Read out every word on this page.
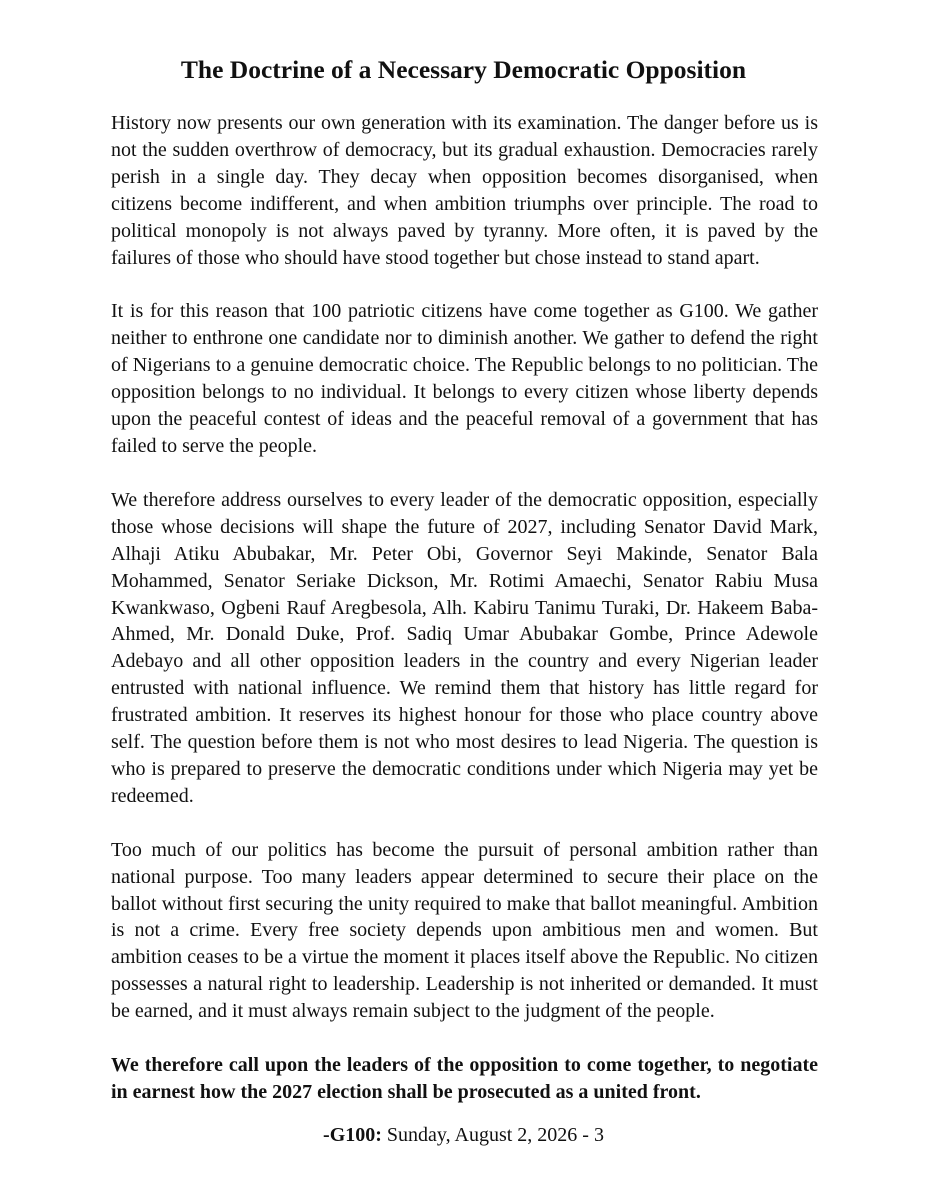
The Doctrine of a Necessary Democratic Opposition

History now presents our own generation with its examination. The danger before us is not the sudden overthrow of democracy, but its gradual exhaustion. Democracies rarely perish in a single day. They decay when opposition becomes disorganised, when citizens become indifferent, and when ambition triumphs over principle. The road to political monopoly is not always paved by tyranny. More often, it is paved by the failures of those who should have stood together but chose instead to stand apart.

It is for this reason that 100 patriotic citizens have come together as G100. We gather neither to enthrone one candidate nor to diminish another. We gather to defend the right of Nigerians to a genuine democratic choice. The Republic belongs to no politician. The opposition belongs to no individual. It belongs to every citizen whose liberty depends upon the peaceful contest of ideas and the peaceful removal of a government that has failed to serve the people.

We therefore address ourselves to every leader of the democratic opposition, especially those whose decisions will shape the future of 2027, including Senator David Mark, Alhaji Atiku Abubakar, Mr. Peter Obi, Governor Seyi Makinde, Senator Bala Mohammed, Senator Seriake Dickson, Mr. Rotimi Amaechi, Senator Rabiu Musa Kwankwaso, Ogbeni Rauf Aregbesola, Alh. Kabiru Tanimu Turaki, Dr. Hakeem Baba-Ahmed, Mr. Donald Duke, Prof. Sadiq Umar Abubakar Gombe, Prince Adewole Adebayo and all other opposition leaders in the country and every Nigerian leader entrusted with national influence. We remind them that history has little regard for frustrated ambition. It reserves its highest honour for those who place country above self. The question before them is not who most desires to lead Nigeria. The question is who is prepared to preserve the democratic conditions under which Nigeria may yet be redeemed.

Too much of our politics has become the pursuit of personal ambition rather than national purpose. Too many leaders appear determined to secure their place on the ballot without first securing the unity required to make that ballot meaningful. Ambition is not a crime. Every free society depends upon ambitious men and women. But ambition ceases to be a virtue the moment it places itself above the Republic. No citizen possesses a natural right to leadership. Leadership is not inherited or demanded. It must be earned, and it must always remain subject to the judgment of the people.

We therefore call upon the leaders of the opposition to come together, to negotiate in earnest how the 2027 election shall be prosecuted as a united front.

-G100: Sunday, August 2, 2026 - 3
